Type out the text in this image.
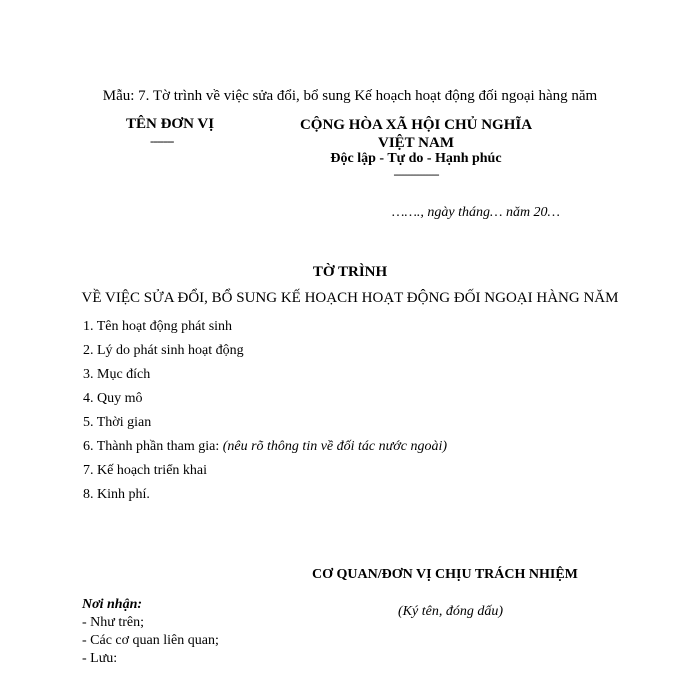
Mẫu: 7. Tờ trình về việc sửa đổi, bổ sung Kế hoạch hoạt động đối ngoại hàng năm
TÊN ĐƠN VỊ
-------
CỘNG HÒA XÃ HỘI CHỦ NGHĨA VIỆT NAM
Độc lập - Tự do - Hạnh phúc
---------------
……., ngày tháng… năm 20…
TỜ TRÌNH
VỀ VIỆC SỬA ĐỔI, BỔ SUNG KẾ HOẠCH HOẠT ĐỘNG ĐỐI NGOẠI HÀNG NĂM
1. Tên hoạt động phát sinh
2. Lý do phát sinh hoạt động
3. Mục đích
4. Quy mô
5. Thời gian
6. Thành phần tham gia: (nêu rõ thông tin về đối tác nước ngoài)
7. Kế hoạch triển khai
8. Kinh phí.
CƠ QUAN/ĐƠN VỊ CHỊU TRÁCH NHIỆM
(Ký tên, đóng dấu)
Nơi nhận:
- Như trên;
- Các cơ quan liên quan;
- Lưu:
